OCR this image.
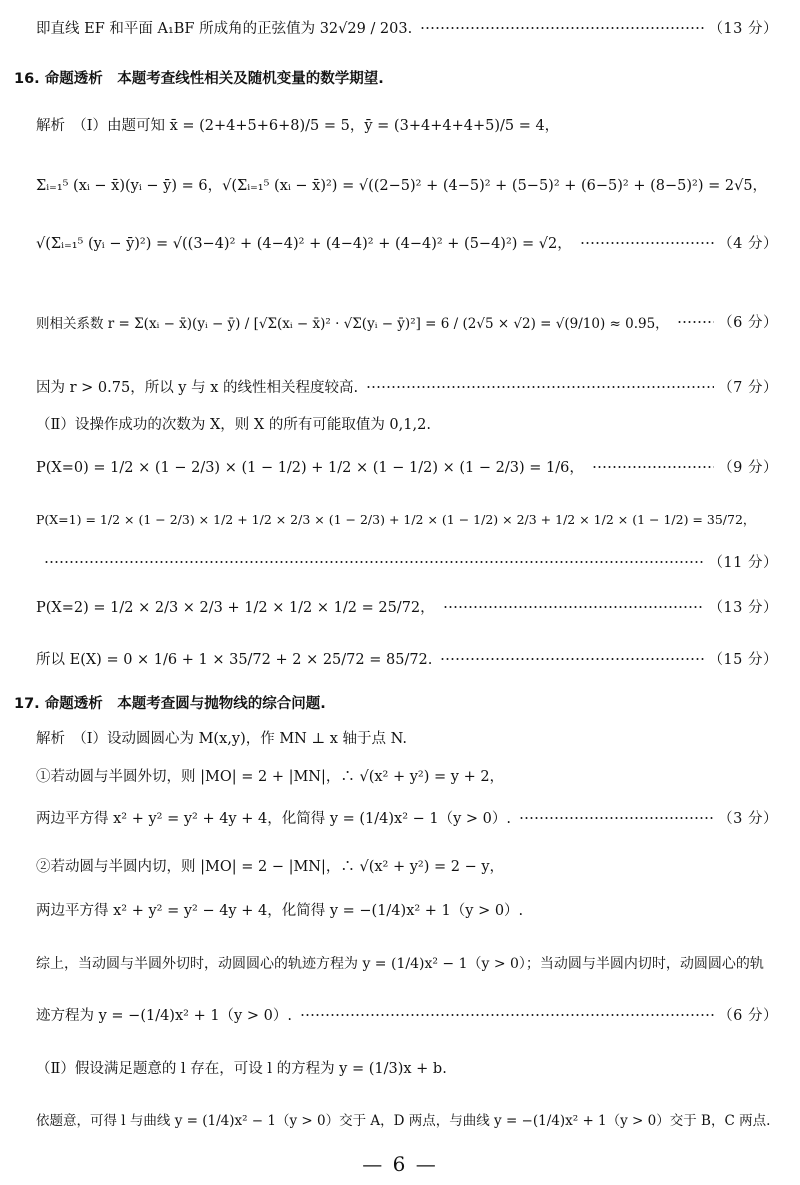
即直线 EF 和平面 A₁BF 所成角的正弦值为 32√29 / 203.	（13 分）
16. 命题透析　本题考查线性相关及随机变量的数学期望.
解析　（Ⅰ）由题可知 x̄ = (2+4+5+6+8)/5 = 5，ȳ = (3+4+4+4+5)/5 = 4，
Σᵢ₌₁⁵ (xᵢ − x̄)(yᵢ − ȳ) = 6，√(Σᵢ₌₁⁵ (xᵢ − x̄)²) = √((2−5)² + (4−5)² + (5−5)² + (6−5)² + (8−5)²) = 2√5，
√(Σᵢ₌₁⁵ (yᵢ − ȳ)²) = √((3−4)² + (4−4)² + (4−4)² + (4−4)² + (5−4)²) = √2，	（4 分）
则相关系数 r = Σ(xᵢ − x̄)(yᵢ − ȳ) / [√Σ(xᵢ − x̄)² · √Σ(yᵢ − ȳ)²] = 6 / (2√5 × √2) = √(9/10) ≈ 0.95，	（6 分）
因为 r > 0.75，所以 y 与 x 的线性相关程度较高.	（7 分）
（Ⅱ）设操作成功的次数为 X，则 X 的所有可能取值为 0,1,2.
P(X=0) = 1/2 × (1 − 2/3) × (1 − 1/2) + 1/2 × (1 − 1/2) × (1 − 2/3) = 1/6，	（9 分）
P(X=1) = 1/2 × (1 − 2/3) × 1/2 + 1/2 × 2/3 × (1 − 2/3) + 1/2 × (1 − 1/2) × 2/3 + 1/2 × 1/2 × (1 − 1/2) = 35/72，
（11 分）
P(X=2) = 1/2 × 2/3 × 2/3 + 1/2 × 1/2 × 1/2 = 25/72，	（13 分）
所以 E(X) = 0 × 1/6 + 1 × 35/72 + 2 × 25/72 = 85/72.	（15 分）
17. 命题透析　本题考查圆与抛物线的综合问题.
解析　（Ⅰ）设动圆圆心为 M(x,y)，作 MN ⊥ x 轴于点 N.
①若动圆与半圆外切，则 |MO| = 2 + |MN|，∴ √(x² + y²) = y + 2，
两边平方得 x² + y² = y² + 4y + 4，化简得 y = (1/4)x² − 1（y > 0）.	（3 分）
②若动圆与半圆内切，则 |MO| = 2 − |MN|，∴ √(x² + y²) = 2 − y，
两边平方得 x² + y² = y² − 4y + 4，化简得 y = −(1/4)x² + 1（y > 0）.
综上，当动圆与半圆外切时，动圆圆心的轨迹方程为 y = (1/4)x² − 1（y > 0）；当动圆与半圆内切时，动圆圆心的轨
迹方程为 y = −(1/4)x² + 1（y > 0）.	（6 分）
（Ⅱ）假设满足题意的 l 存在，可设 l 的方程为 y = (1/3)x + b.
依题意，可得 l 与曲线 y = (1/4)x² − 1（y > 0）交于 A，D 两点，与曲线 y = −(1/4)x² + 1（y > 0）交于 B，C 两点.
— 6 —
